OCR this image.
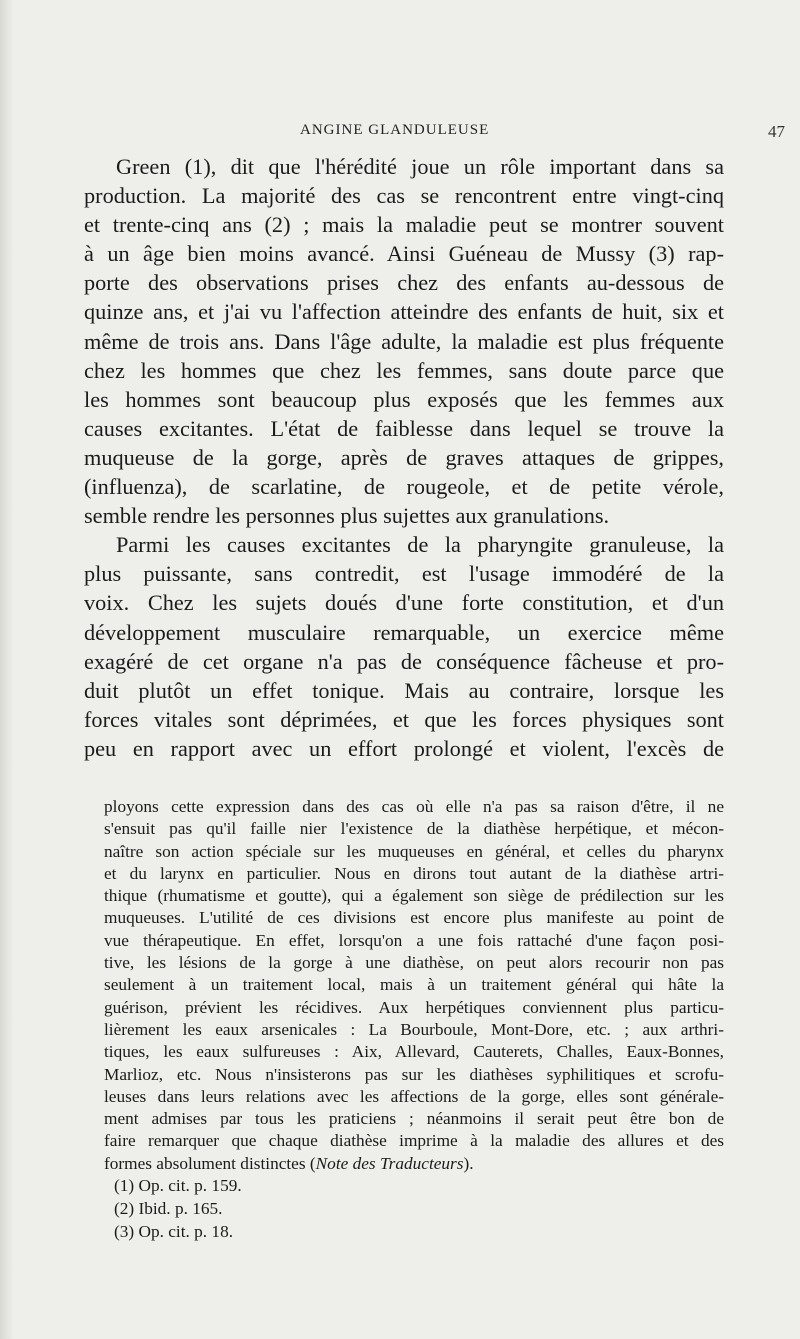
ANGINE GLANDULEUSE	47

Green (1), dit que l'hérédité joue un rôle important dans sa
production. La majorité des cas se rencontrent entre vingt-cinq
et trente-cinq ans (2) ; mais la maladie peut se montrer souvent
à un âge bien moins avancé. Ainsi Guéneau de Mussy (3) rap-
porte des observations prises chez des enfants au-dessous de
quinze ans, et j'ai vu l'affection atteindre des enfants de huit, six et
même de trois ans. Dans l'âge adulte, la maladie est plus fréquente
chez les hommes que chez les femmes, sans doute parce que
les hommes sont beaucoup plus exposés que les femmes aux
causes excitantes. L'état de faiblesse dans lequel se trouve la
muqueuse de la gorge, après de graves attaques de grippes,
(influenza), de scarlatine, de rougeole, et de petite vérole,
semble rendre les personnes plus sujettes aux granulations.

Parmi les causes excitantes de la pharyngite granuleuse, la
plus puissante, sans contredit, est l'usage immodéré de la
voix. Chez les sujets doués d'une forte constitution, et d'un
développement musculaire remarquable, un exercice même
exagéré de cet organe n'a pas de conséquence fâcheuse et pro-
duit plutôt un effet tonique. Mais au contraire, lorsque les
forces vitales sont déprimées, et que les forces physiques sont
peu en rapport avec un effort prolongé et violent, l'excès de

ployons cette expression dans des cas où elle n'a pas sa raison d'être, il ne
s'ensuit pas qu'il faille nier l'existence de la diathèse herpétique, et mécon-
naître son action spéciale sur les muqueuses en général, et celles du pharynx
et du larynx en particulier. Nous en dirons tout autant de la diathèse artri-
thique (rhumatisme et goutte), qui a également son siège de prédilection sur les
muqueuses. L'utilité de ces divisions est encore plus manifeste au point de
vue thérapeutique. En effet, lorsqu'on a une fois rattaché d'une façon posi-
tive, les lésions de la gorge à une diathèse, on peut alors recourir non pas
seulement à un traitement local, mais à un traitement général qui hâte la
guérison, prévient les récidives. Aux herpétiques conviennent plus particu-
lièrement les eaux arsenicales : La Bourboule, Mont-Dore, etc. ; aux arthri-
tiques, les eaux sulfureuses : Aix, Allevard, Cauterets, Challes, Eaux-Bonnes,
Marlioz, etc. Nous n'insisterons pas sur les diathèses syphilitiques et scrofu-
leuses dans leurs relations avec les affections de la gorge, elles sont générale-
ment admises par tous les praticiens ; néanmoins il serait peut être bon de
faire remarquer que chaque diathèse imprime à la maladie des allures et des
formes absolument distinctes (Note des Traducteurs).
(1) Op. cit. p. 159.
(2) Ibid. p. 165.
(3) Op. cit. p. 18.
